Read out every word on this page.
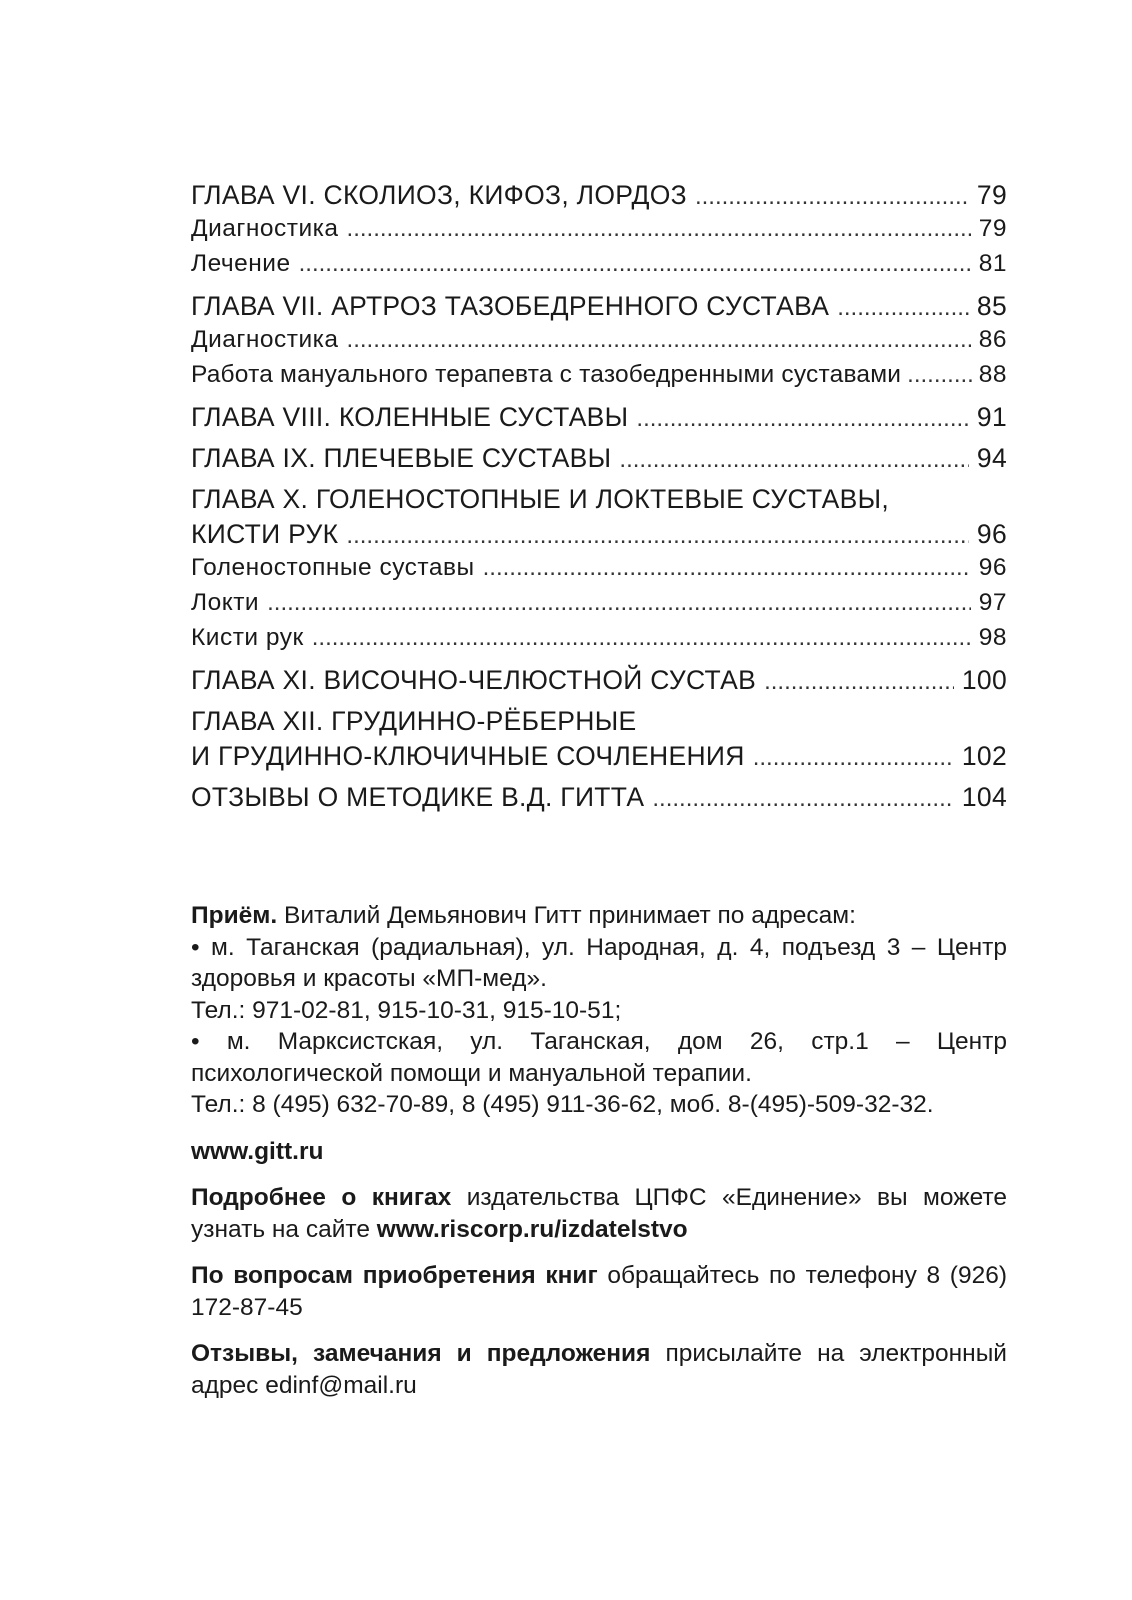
ГЛАВА VI. СКОЛИОЗ, КИФОЗ, ЛОРДОЗ .....	79
Диагностика .....	79
Лечение .....	81
ГЛАВА VII. АРТРОЗ ТАЗОБЕДРЕННОГО СУСТАВА .....	85
Диагностика .....	86
Работа мануального терапевта с тазобедренными суставами .....	88
ГЛАВА VIII. КОЛЕННЫЕ СУСТАВЫ .....	91
ГЛАВА IX. ПЛЕЧЕВЫЕ СУСТАВЫ .....	94
ГЛАВА X. ГОЛЕНОСТОПНЫЕ И ЛОКТЕВЫЕ СУСТАВЫ,
КИСТИ РУК .....	96
Голеностопные суставы .....	96
Локти .....	97
Кисти рук .....	98
ГЛАВА XI. ВИСОЧНО-ЧЕЛЮСТНОЙ СУСТАВ .....	100
ГЛАВА XII. ГРУДИННО-РЁБЕРНЫЕ
И ГРУДИННО-КЛЮЧИЧНЫЕ СОЧЛЕНЕНИЯ .....	102
ОТЗЫВЫ О МЕТОДИКЕ В.Д. ГИТТА .....	104

Приём. Виталий Демьянович Гитт принимает по адресам:

• м. Таганская (радиальная), ул. Народная, д. 4, подъезд 3 – Центр здоровья и красоты «МП-мед».

Тел.: 971-02-81, 915-10-31, 915-10-51;

• м. Марксистская, ул. Таганская, дом 26, стр.1 – Центр психологической помощи и мануальной терапии.

Тел.: 8 (495) 632-70-89, 8 (495) 911-36-62, моб. 8-(495)-509-32-32.

www.gitt.ru

Подробнее о книгах издательства ЦПФС «Единение» вы можете узнать на сайте www.riscorp.ru/izdatelstvo

По вопросам приобретения книг обращайтесь по телефону 8 (926) 172-87-45

Отзывы, замечания и предложения присылайте на электронный адрес edinf@mail.ru
